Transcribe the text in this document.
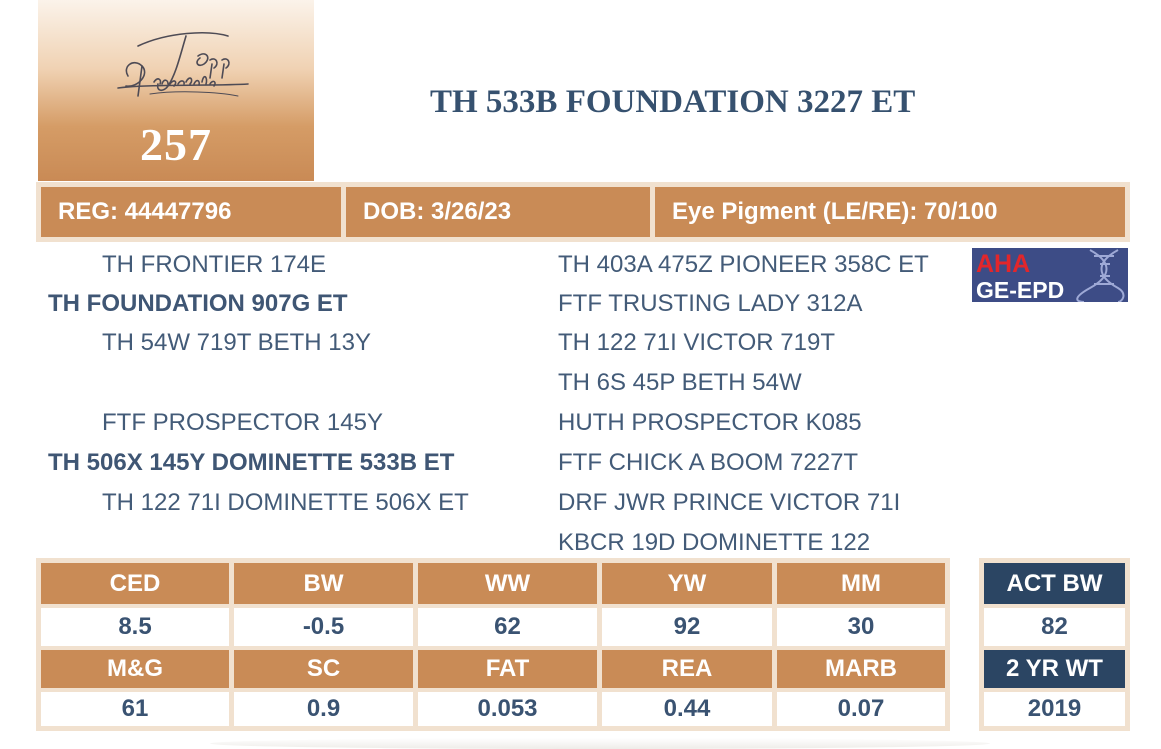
257
TH 533B FOUNDATION 3227 ET
REG: 44447796	DOB: 3/26/23	Eye Pigment (LE/RE): 70/100
TH FRONTIER 174E
TH FOUNDATION 907G ET
TH 54W 719T BETH 13Y
TH 403A 475Z PIONEER 358C ET
FTF TRUSTING LADY 312A
TH 122 71I VICTOR 719T
TH 6S 45P BETH 54W
FTF PROSPECTOR 145Y
TH 506X 145Y DOMINETTE 533B ET
TH 122 71I DOMINETTE 506X ET
HUTH PROSPECTOR K085
FTF CHICK A BOOM 7227T
DRF JWR PRINCE VICTOR 71I
KBCR 19D DOMINETTE 122
AHA
GE-EPD
CED	BW	WW	YW	MM
8.5	-0.5	62	92	30
M&G	SC	FAT	REA	MARB
61	0.9	0.053	0.44	0.07
ACT BW
82
2 YR WT
2019
